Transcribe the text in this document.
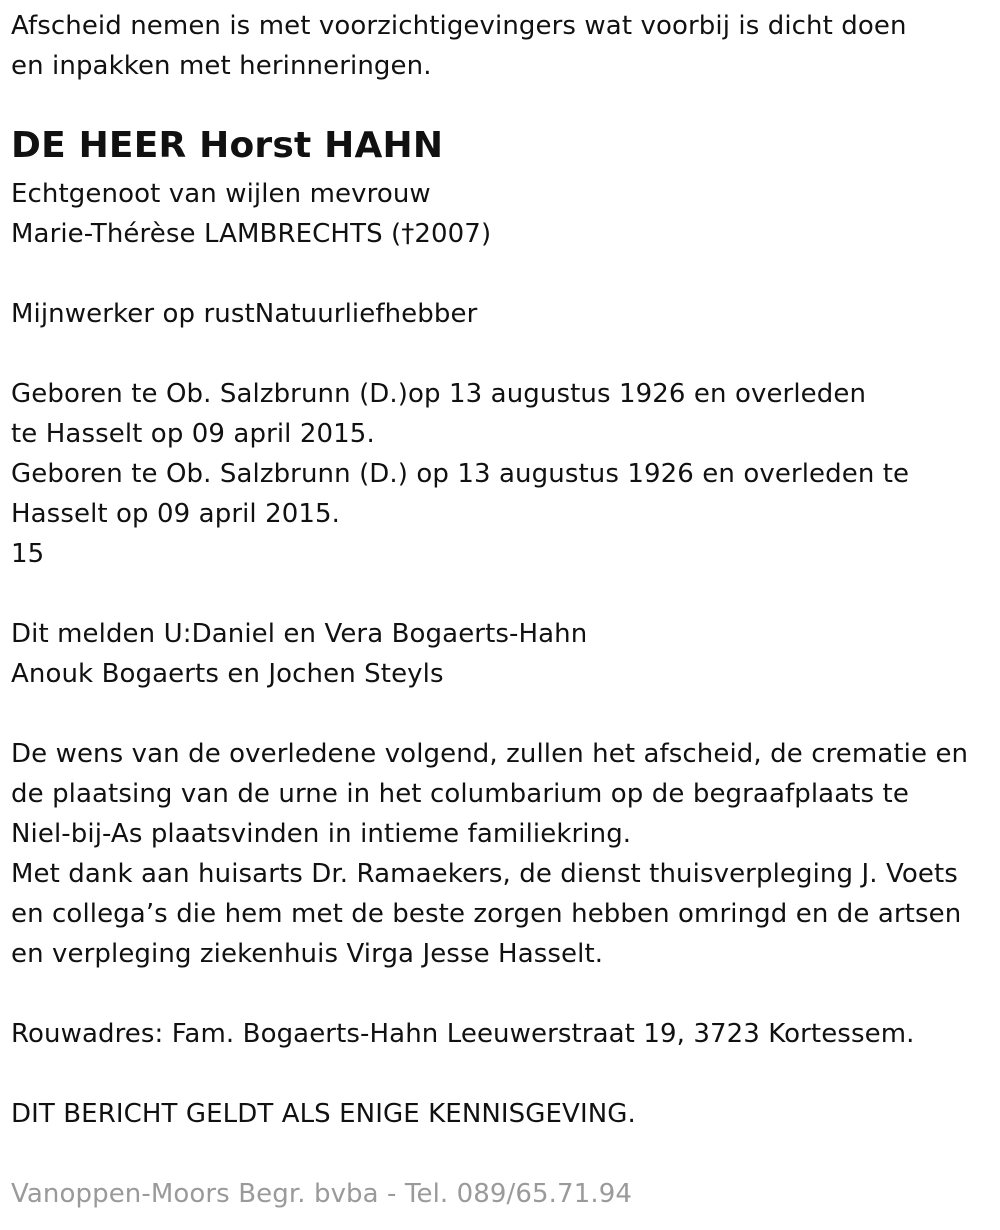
Afscheid nemen is met voorzichtigevingers wat voorbij is dicht doen
en inpakken met herinneringen.
DE HEER Horst HAHN
Echtgenoot van wijlen mevrouw
Marie-Thérèse LAMBRECHTS (†2007)
Mijnwerker op rustNatuurliefhebber
Geboren te Ob. Salzbrunn (D.)op 13 augustus 1926 en overleden
te Hasselt op 09 april 2015.
Geboren te Ob. Salzbrunn (D.) op 13 augustus 1926 en overleden te
Hasselt op 09 april 2015.
15
Dit melden U:Daniel en Vera Bogaerts-Hahn
Anouk Bogaerts en Jochen Steyls
De wens van de overledene volgend, zullen het afscheid, de crematie en
de plaatsing van de urne in het columbarium op de begraafplaats te
Niel-bij-As plaatsvinden in intieme familiekring.
Met dank aan huisarts Dr. Ramaekers, de dienst thuisverpleging J. Voets
en collega’s die hem met de beste zorgen hebben omringd en de artsen
en verpleging ziekenhuis Virga Jesse Hasselt.
Rouwadres: Fam. Bogaerts-Hahn Leeuwerstraat 19, 3723 Kortessem.
DIT BERICHT GELDT ALS ENIGE KENNISGEVING.
Vanoppen-Moors Begr. bvba - Tel. 089/65.71.94
